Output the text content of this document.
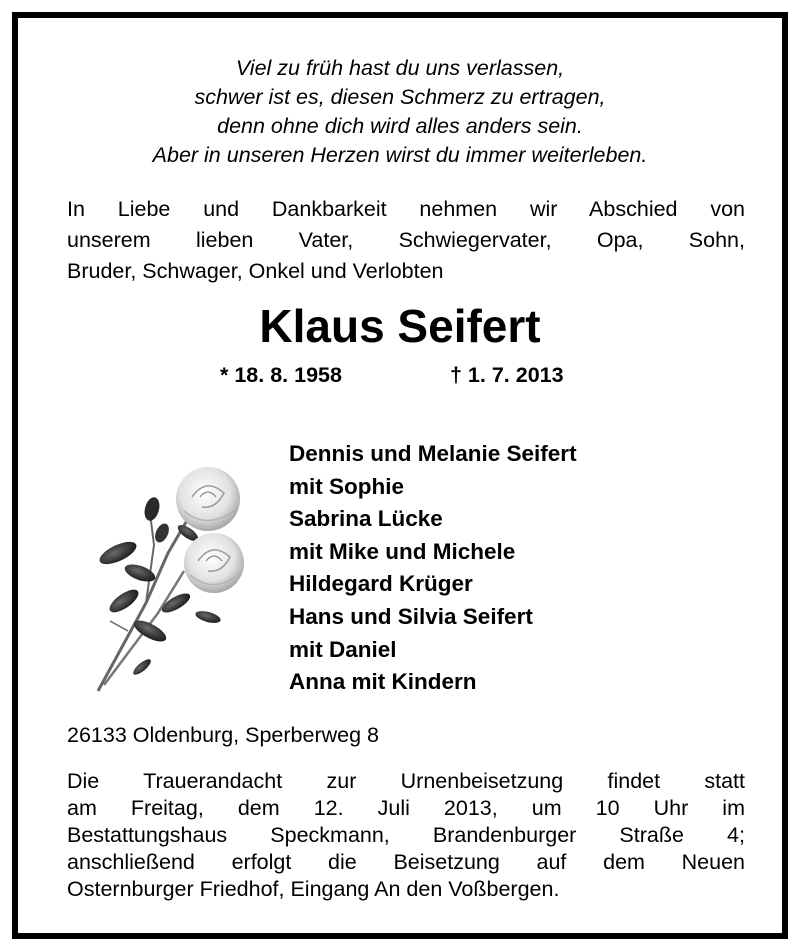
Viel zu früh hast du uns verlassen,
schwer ist es, diesen Schmerz zu ertragen,
denn ohne dich wird alles anders sein.
Aber in unseren Herzen wirst du immer weiterleben.
In Liebe und Dankbarkeit nehmen wir Abschied von
unserem lieben Vater, Schwiegervater, Opa, Sohn,
Bruder, Schwager, Onkel und Verlobten
Klaus Seifert
* 18. 8. 1958	† 1. 7. 2013
Dennis und Melanie Seifert
mit Sophie
Sabrina Lücke
mit Mike und Michele
Hildegard Krüger
Hans und Silvia Seifert
mit Daniel
Anna mit Kindern
26133 Oldenburg, Sperberweg 8
Die Trauerandacht zur Urnenbeisetzung findet statt
am Freitag, dem 12. Juli 2013, um 10 Uhr im
Bestattungshaus Speckmann, Brandenburger Straße 4;
anschließend erfolgt die Beisetzung auf dem Neuen
Osternburger Friedhof, Eingang An den Voßbergen.
